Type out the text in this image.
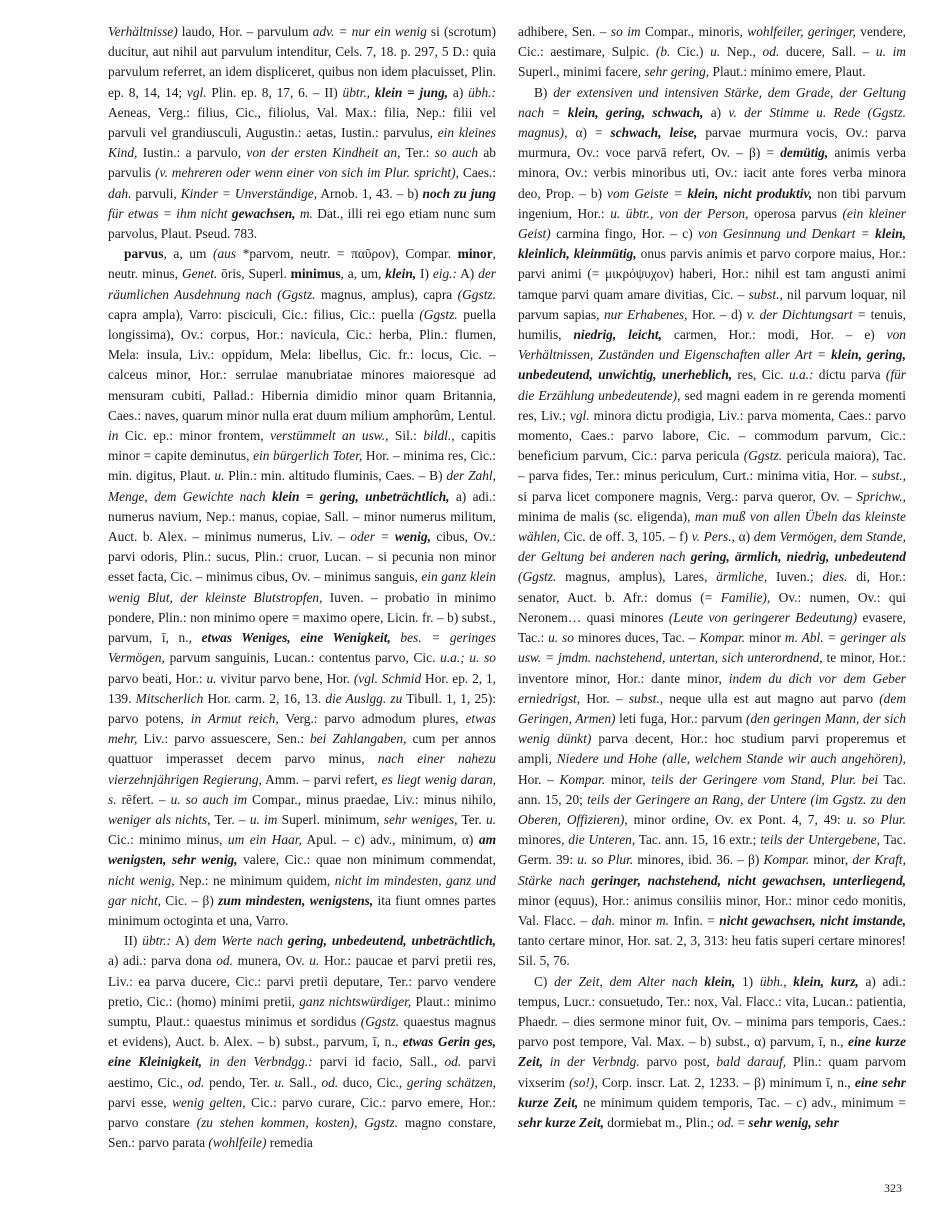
Verhältnisse) laudo, Hor. – parvulum adv. = nur ein wenig si (scrotum) ducitur, aut nihil aut parvulum intenditur, Cels. 7, 18. p. 297, 5 D.: quia parvulum referret, an idem displiceret, quibus non idem placuisset, Plin. ep. 8, 14, 14; vgl. Plin. ep. 8, 17, 6. – II) übtr., klein = jung, a) übh.: Aeneas, Verg.: filius, Cic., filiolus, Val. Max.: filia, Nep.: filii vel parvuli vel grandiusculi, Augustin.: aetas, Iustin.: parvulus, ein kleines Kind, Iustin.: a parvulo, von der ersten Kindheit an, Ter.: so auch ab parvulis (v. mehreren oder wenn einer von sich im Plur. spricht), Caes.: dah. parvuli, Kinder = Unverständige, Arnob. 1, 43. – b) noch zu jung für etwas = ihm nicht gewachsen, m. Dat., illi rei ego etiam nunc sum parvolus, Plaut. Pseud. 783.

parvus, a, um (aus *parvom, neutr. = παῦρον), Compar. minor, neutr. minus, Genet. ōris, Superl. minimus, a, um, klein, I) eig.: A) der räumlichen Ausdehnung nach (Ggstz. magnus, amplus), capra (Ggstz. capra ampla), Varro: pisciculi, Cic.: filius, Cic.: puella (Ggstz. puella longissima), Ov.: corpus, Hor.: navicula, Cic.: herba, Plin.: flumen, Mela: insula, Liv.: oppidum, Mela: libellus, Cic. fr.: locus, Cic. – calceus minor, Hor.: serrulae manubriatae minores maioresque ad mensuram cubiti, Pallad.: Hibernia dimidio minor quam Britannia, Caes.: naves, quarum minor nulla erat duum milium amphorûm, Lentul. in Cic. ep.: minor frontem, verstümmelt an usw., Sil.: bildl., capitis minor = capite deminutus, ein bürgerlich Toter, Hor. – minima res, Cic.: min. digitus, Plaut. u. Plin.: min. altitudo fluminis, Caes. – B) der Zahl, Menge, dem Gewichte nach klein = gering, unbeträchtlich, a) adi.: numerus navium, Nep.: manus, copiae, Sall. – minor numerus militum, Auct. b. Alex. – minimus numerus, Liv. – oder = wenig, cibus, Ov.: parvi odoris, Plin.: sucus, Plin.: cruor, Lucan. – si pecunia non minor esset facta, Cic. – minimus cibus, Ov. – minimus sanguis, ein ganz klein wenig Blut, der kleinste Blutstropfen, Iuven. – probatio in minimo pondere, Plin.: non minimo opere = maximo opere, Licin. fr. – b) subst., parvum, ī, n., etwas Weniges, eine Wenigkeit, bes. = geringes Vermögen, parvum sanguinis, Lucan.: contentus parvo, Cic. u.a.; u. so parvo beati, Hor.: u. vivitur parvo bene, Hor. (vgl. Schmid Hor. ep. 2, 1, 139. Mitscherlich Hor. carm. 2, 16, 13. die Auslgg. zu Tibull. 1, 1, 25): parvo potens, in Armut reich, Verg.: parvo admodum plures, etwas mehr, Liv.: parvo assuescere, Sen.: bei Zahlangaben, cum per annos quattuor imperasset decem parvo minus, nach einer nahezu vierzehnjährigen Regierung, Amm. – parvi refert, es liegt wenig daran, s. rēfert. – u. so auch im Compar., minus praedae, Liv.: minus nihilo, weniger als nichts, Ter. – u. im Superl. minimum, sehr weniges, Ter. u. Cic.: minimo minus, um ein Haar, Apul. – c) adv., minimum, α) am wenigsten, sehr wenig, valere, Cic.: quae non minimum commendat, nicht wenig, Nep.: ne minimum quidem, nicht im mindesten, ganz und gar nicht, Cic. – β) zum mindesten, wenigstens, ita fiunt omnes partes minimum octoginta et una, Varro.

II) übtr.: A) dem Werte nach gering, unbedeutend, unbeträchtlich, a) adi.: parva dona od. munera, Ov. u. Hor.: paucae et parvi pretii res, Liv.: ea parva ducere, Cic.: parvi pretii deputare, Ter.: parvo vendere pretio, Cic.: (homo) minimi pretii, ganz nichtswürdiger, Plaut.: minimo sumptu, Plaut.: quaestus minimus et sordidus (Ggstz. quaestus magnus et evidens), Auct. b. Alex. – b) subst., parvum, ī, n., etwas Gerin ges, eine Kleinigkeit, in den Verbndgg.: parvi id facio, Sall., od. parvi aestimo, Cic., od. pendo, Ter. u. Sall., od. duco, Cic., gering schätzen, parvi esse, wenig gelten, Cic.: parvo curare, Cic.: parvo emere, Hor.: parvo constare (zu stehen kommen, kosten), Ggstz. magno constare, Sen.: parvo parata (wohlfeile) remedia

adhibere, Sen. – so im Compar., minoris, wohlfeiler, geringer, vendere, Cic.: aestimare, Sulpic. (b. Cic.) u. Nep., od. ducere, Sall. – u. im Superl., minimi facere, sehr gering, Plaut.: minimo emere, Plaut.

B) der extensiven und intensiven Stärke, dem Grade, der Geltung nach = klein, gering, schwach, a) v. der Stimme u. Rede (Ggstz. magnus), α) = schwach, leise, parvae murmura vocis, Ov.: parva murmura, Ov.: voce parvā refert, Ov. – β) = demütig, animis verba minora, Ov.: verbis minoribus uti, Ov.: iacit ante fores verba minora deo, Prop. – b) vom Geiste = klein, nicht produktiv, non tibi parvum ingenium, Hor.: u. übtr., von der Person, operosa parvus (ein kleiner Geist) carmina fingo, Hor. – c) von Gesinnung und Denkart = klein, kleinlich, kleinmütig, onus parvis animis et parvo corpore maius, Hor.: parvi animi (= μικρόψυχον) haberi, Hor.: nihil est tam angusti animi tamque parvi quam amare divitias, Cic. – subst., nil parvum loquar, nil parvum sapias, nur Erhabenes, Hor. – d) v. der Dichtungsart = tenuis, humilis, niedrig, leicht, carmen, Hor.: modi, Hor. – e) von Verhältnissen, Zuständen und Eigenschaften aller Art = klein, gering, unbedeutend, unwichtig, unerheblich, res, Cic. u.a.: dictu parva (für die Erzählung unbedeutende), sed magni eadem in re gerenda momenti res, Liv.; vgl. minora dictu prodigia, Liv.: parva momenta, Caes.: parvo momento, Caes.: parvo labore, Cic. – commodum parvum, Cic.: beneficium parvum, Cic.: parva pericula (Ggstz. pericula maiora), Tac. – parva fides, Ter.: minus periculum, Curt.: minima vitia, Hor. – subst., si parva licet componere magnis, Verg.: parva queror, Ov. – Sprichw., minima de malis (sc. eligenda), man muß von allen Übeln das kleinste wählen, Cic. de off. 3, 105. – f) v. Pers., α) dem Vermögen, dem Stande, der Geltung bei anderen nach gering, ärmlich, niedrig, unbedeutend (Ggstz. magnus, amplus), Lares, ärmliche, Iuven.; dies. di, Hor.: senator, Auct. b. Afr.: domus (= Familie), Ov.: numen, Ov.: qui Neronem… quasi minores (Leute von geringerer Bedeutung) evasere, Tac.: u. so minores duces, Tac. – Kompar. minor m. Abl. = geringer als usw. = jmdm. nachstehend, untertan, sich unterordnend, te minor, Hor.: inventore minor, Hor.: dante minor, indem du dich vor dem Geber erniedrigst, Hor. – subst., neque ulla est aut magno aut parvo (dem Geringen, Armen) leti fuga, Hor.: parvum (den geringen Mann, der sich wenig dünkt) parva decent, Hor.: hoc studium parvi properemus et ampli, Niedere und Hohe (alle, welchem Stande wir auch angehören), Hor. – Kompar. minor, teils der Geringere vom Stand, Plur. bei Tac. ann. 15, 20; teils der Geringere an Rang, der Untere (im Ggstz. zu den Oberen, Offizieren), minor ordine, Ov. ex Pont. 4, 7, 49: u. so Plur. minores, die Unteren, Tac. ann. 15, 16 extr.; teils der Untergebene, Tac. Germ. 39: u. so Plur. minores, ibid. 36. – β) Kompar. minor, der Kraft, Stärke nach geringer, nachstehend, nicht gewachsen, unterliegend, minor (equus), Hor.: animus consiliis minor, Hor.: minor cedo monitis, Val. Flacc. – dah. minor m. Infin. = nicht gewachsen, nicht imstande, tanto certare minor, Hor. sat. 2, 3, 313: heu fatis superi certare minores! Sil. 5, 76.

C) der Zeit, dem Alter nach klein, 1) übh., klein, kurz, a) adi.: tempus, Lucr.: consuetudo, Ter.: nox, Val. Flacc.: vita, Lucan.: patientia, Phaedr. – dies sermone minor fuit, Ov. – minima pars temporis, Caes.: parvo post tempore, Val. Max. – b) subst., α) parvum, ī, n., eine kurze Zeit, in der Verbndg. parvo post, bald darauf, Plin.: quam parvom vixserim (so!), Corp. inscr. Lat. 2, 1233. – β) minimum ī, n., eine sehr kurze Zeit, ne minimum quidem temporis, Tac. – c) adv., minimum = sehr kurze Zeit, dormiebat m., Plin.; od. = sehr wenig, sehr

323
